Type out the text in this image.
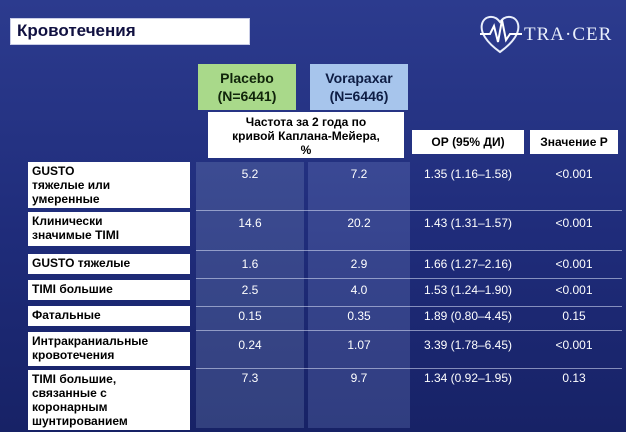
Кровотечения	TRA·CER
Placebo
(N=6441)
Vorapaxar
(N=6446)
Частота за 2 года по
кривой Каплана-Мейера,
%
ОР (95% ДИ)	Значение Р
GUSTO
тяжелые или
умеренные
5.2	7.2	1.35 (1.16–1.58)	<0.001
Клинически
значимые TIMI
14.6	20.2	1.43 (1.31–1.57)	<0.001
GUSTO тяжелые	1.6	2.9	1.66 (1.27–2.16)	<0.001
TIMI большие	2.5	4.0	1.53 (1.24–1.90)	<0.001
Фатальные	0.15	0.35	1.89 (0.80–4.45)	0.15
Интракраниальные
кровотечения
0.24	1.07	3.39 (1.78–6.45)	<0.001
TIMI большие,
связанные с
коронарным
шунтированием
7.3	9.7	1.34 (0.92–1.95)	0.13
